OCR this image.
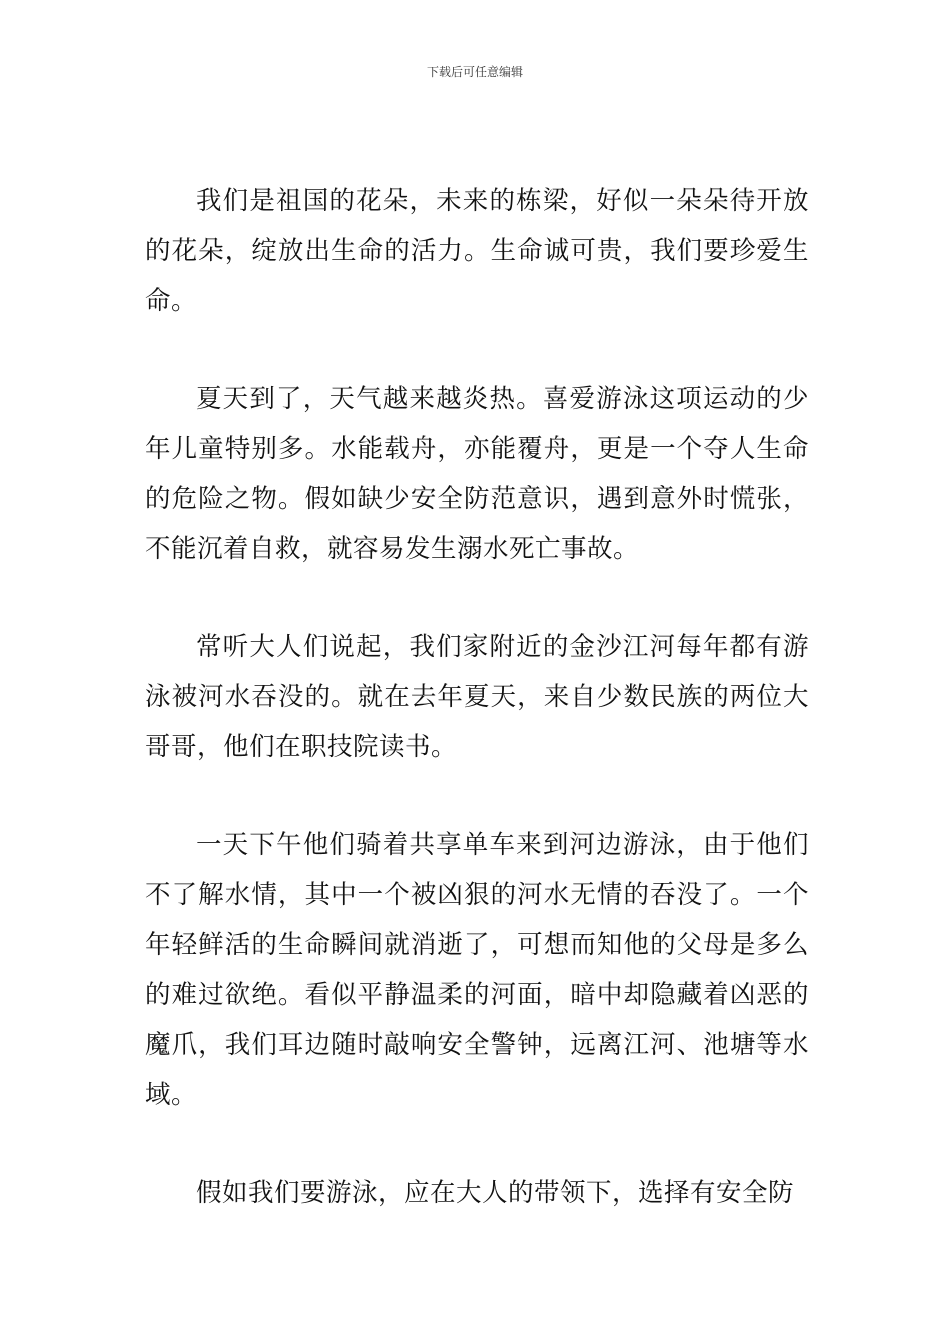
下载后可任意编辑

我们是祖国的花朵，未来的栋梁，好似一朵朵待开放的花朵，绽放出生命的活力。生命诚可贵，我们要珍爱生命。

夏天到了，天气越来越炎热。喜爱游泳这项运动的少年儿童特别多。水能载舟，亦能覆舟，更是一个夺人生命的危险之物。假如缺少安全防范意识，遇到意外时慌张，不能沉着自救，就容易发生溺水死亡事故。

常听大人们说起，我们家附近的金沙江河每年都有游泳被河水吞没的。就在去年夏天，来自少数民族的两位大哥哥，他们在职技院读书。

一天下午他们骑着共享单车来到河边游泳，由于他们不了解水情，其中一个被凶狠的河水无情的吞没了。一个年轻鲜活的生命瞬间就消逝了，可想而知他的父母是多么的难过欲绝。看似平静温柔的河面，暗中却隐藏着凶恶的魔爪，我们耳边随时敲响安全警钟，远离江河、池塘等水域。

假如我们要游泳，应在大人的带领下，选择有安全防
